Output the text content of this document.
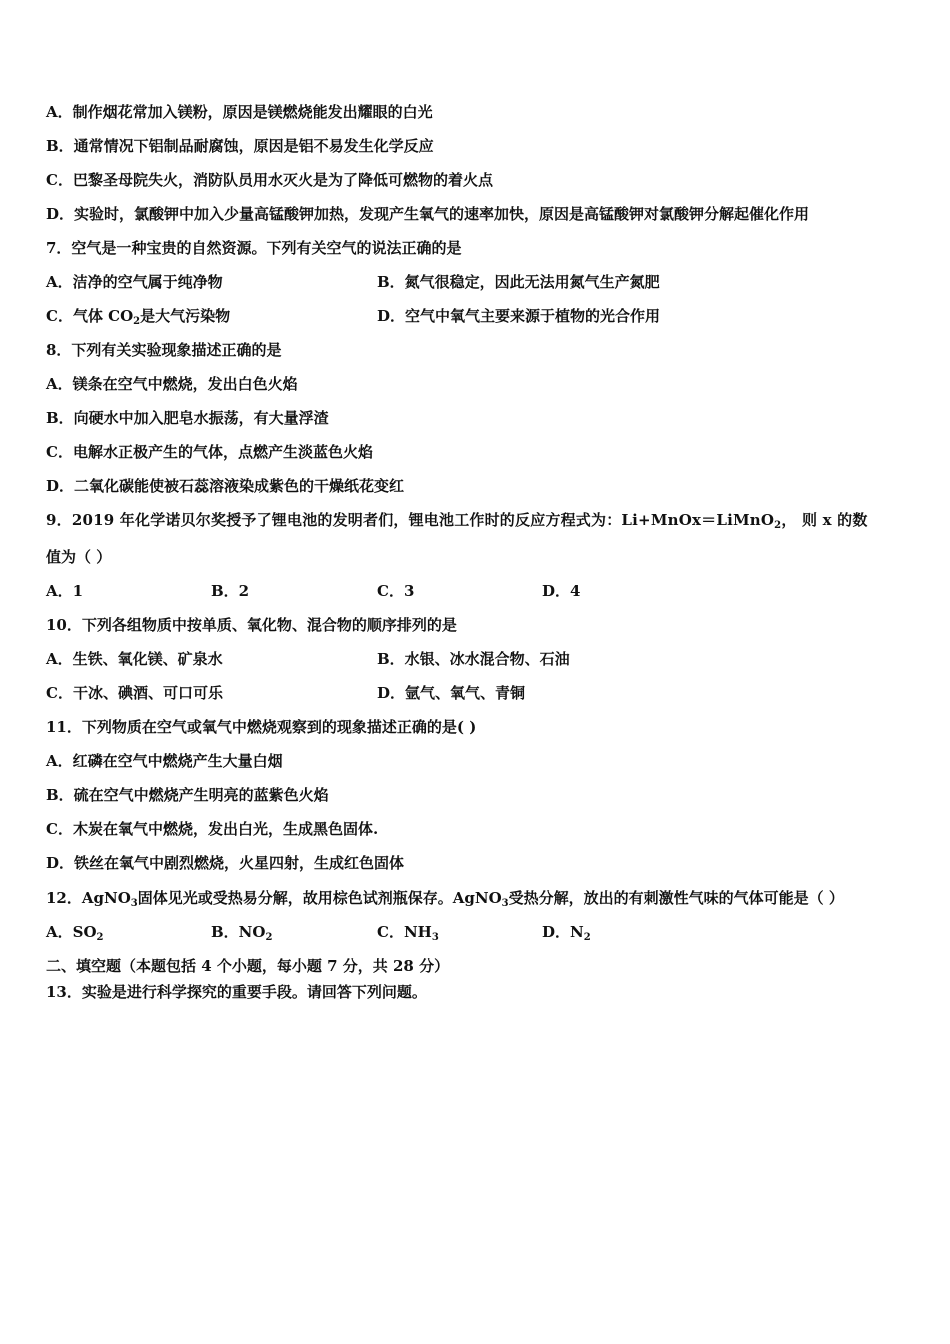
A．制作烟花常加入镁粉，原因是镁燃烧能发出耀眼的白光
B．通常情况下铝制品耐腐蚀，原因是铝不易发生化学反应
C．巴黎圣母院失火，消防队员用水灭火是为了降低可燃物的着火点
D．实验时，氯酸钾中加入少量高锰酸钾加热，发现产生氧气的速率加快，原因是高锰酸钾对氯酸钾分解起催化作用
7．空气是一种宝贵的自然资源。下列有关空气的说法正确的是
A．洁净的空气属于纯净物	B．氮气很稳定，因此无法用氮气生产氮肥
C．气体 $CO_2$是大气污染物	D．空气中氧气主要来源于植物的光合作用
8．下列有关实验现象描述正确的是
A．镁条在空气中燃烧，发出白色火焰
B．向硬水中加入肥皂水振荡，有大量浮渣
C．电解水正极产生的气体，点燃产生淡蓝色火焰
D．二氧化碳能使被石蕊溶液染成紫色的干燥纸花变红
9．2019 年化学诺贝尔奖授予了锂电池的发明者们，锂电池工作时的反应方程式为：Li+MnOx＝LiMnO$_2$， 则 x 的数
值为（ ）
A．1	B．2	C．3	D．4
10．下列各组物质中按单质、氧化物、混合物的顺序排列的是
A．生铁、氧化镁、矿泉水	B．水银、冰水混合物、石油
C．干冰、碘酒、可口可乐	D．氩气、氧气、青铜
11．下列物质在空气或氧气中燃烧观察到的现象描述正确的是( )
A．红磷在空气中燃烧产生大量白烟
B．硫在空气中燃烧产生明亮的蓝紫色火焰
C．木炭在氧气中燃烧，发出白光，生成黑色固体.
D．铁丝在氧气中剧烈燃烧，火星四射，生成红色固体
12．AgNO$_3$固体见光或受热易分解，故用棕色试剂瓶保存。AgNO$_3$受热分解，放出的有刺激性气味的气体可能是（ ）
A．$SO_2$	B．$NO_2$	C．$NH_3$	D．$N_2$
二、填空题（本题包括 4 个小题，每小题 7 分，共 28 分）
13．实验是进行科学探究的重要手段。请回答下列问题。
